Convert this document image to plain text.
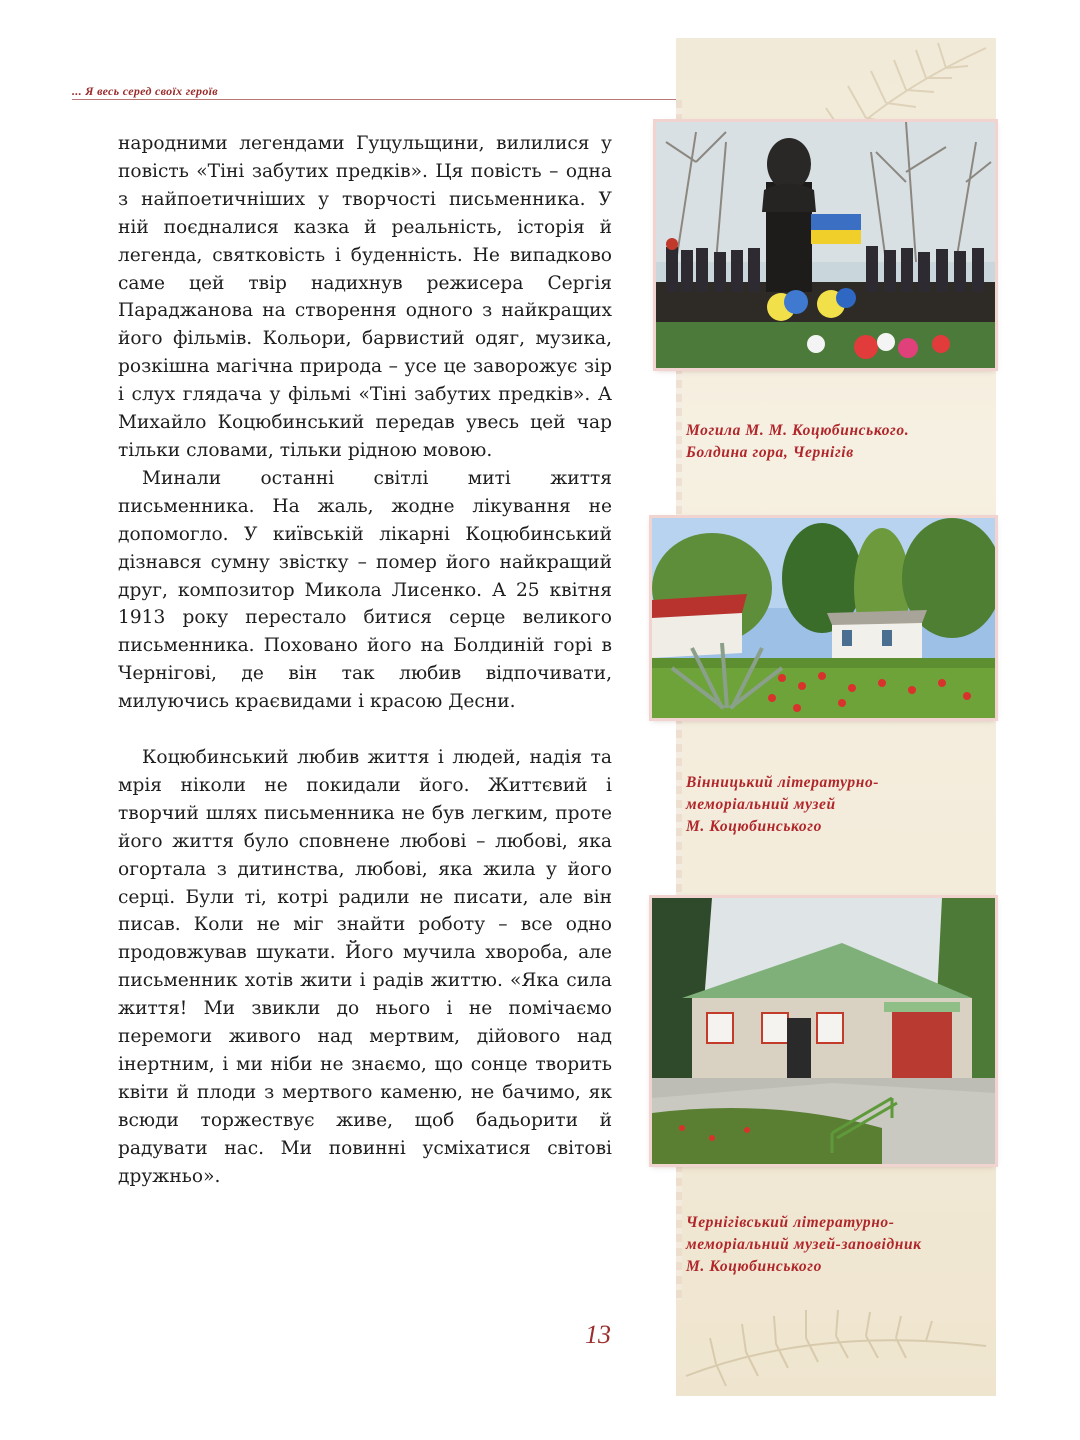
... Я весь серед своїх героїв
Могила М. М. Коцюбинського.
Болдина гора, Чернігів
Вінницький літературно-
меморіальний музей
М. Коцюбинського
Чернігівський літературно-
меморіальний музей-заповідник
М. Коцюбинського

народними легендами Гуцульщини, вилилися у повість «Тіні забутих предків». Ця повість – одна з найпоетичніших у творчості письменника. У ній поєдналися казка й реальність, історія й легенда, святковість і буденність. Не випадково саме цей твір надихнув режисера Сергія Параджанова на створення одного з найкращих його фільмів. Кольори, барвистий одяг, музика, розкішна магічна природа – усе це заворожує зір і слух глядача у фільмі «Тіні забутих предків». А Михайло Коцюбинський передав увесь цей чар тільки словами, тільки рідною мовою.

Минали останні світлі миті життя письменника. На жаль, жодне лікування не допомогло. У київській лікарні Коцюбинський дізнався сумну звістку – помер його найкращий друг, композитор Микола Лисенко. А 25 квітня 1913 року перестало битися серце великого письменника. Поховано його на Болдиній горі в Чернігові, де він так любив відпочивати, милуючись краєвидами і красою Десни.

Коцюбинський любив життя і людей, надія та мрія ніколи не покидали його. Життєвий і творчий шлях письменника не був легким, проте його життя було сповнене любові – любові, яка огортала з дитинства, любові, яка жила у його серці. Були ті, котрі радили не писати, але він писав. Коли не міг знайти роботу – все одно продовжував шукати. Його мучила хвороба, але письменник хотів жити і радів життю. «Яка сила життя! Ми звикли до нього і не помічаємо перемоги живого над мертвим, дійового над інертним, і ми ніби не знаємо, що сонце творить квіти й плоди з мертвого каменю, не бачимо, як всюди торжествує живе, щоб бадьорити й радувати нас. Ми повинні усміхатися світові дружньо».

13
